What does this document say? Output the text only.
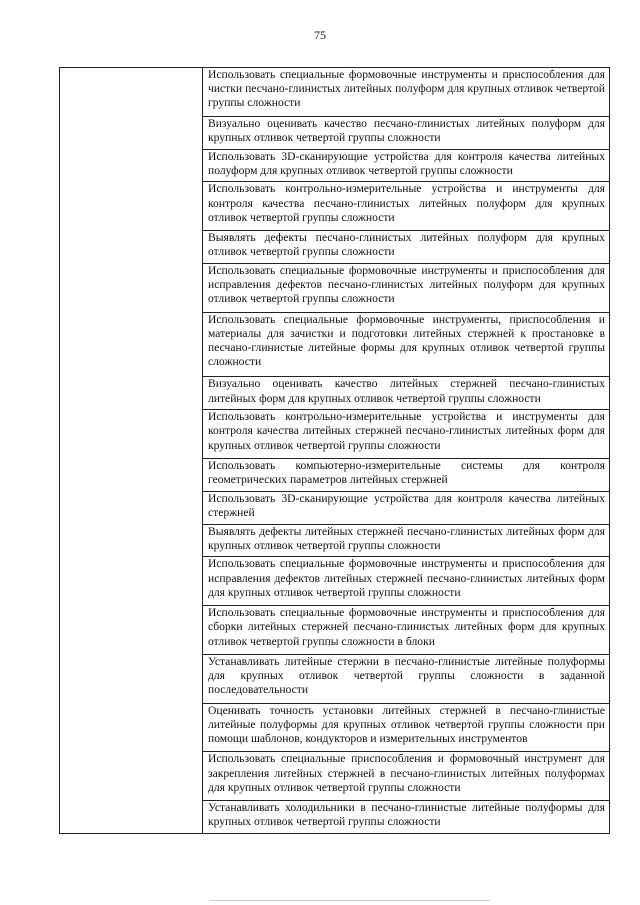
75

Использовать специальные формовочные инструменты и приспособления для чистки песчано-глинистых литейных полуформ для крупных отливок четвертой группы сложности
Визуально оценивать качество песчано-глинистых литейных полуформ для крупных отливок четвертой группы сложности
Использовать 3D-сканирующие устройства для контроля качества литейных полуформ для крупных отливок четвертой группы сложности
Использовать контрольно-измерительные устройства и инструменты для контроля качества песчано-глинистых литейных полуформ для крупных отливок четвертой группы сложности
Выявлять дефекты песчано-глинистых литейных полуформ для крупных отливок четвертой группы сложности
Использовать специальные формовочные инструменты и приспособления для исправления дефектов песчано-глинистых литейных полуформ для крупных отливок четвертой группы сложности
Использовать специальные формовочные инструменты, приспособления и материалы для зачистки и подготовки литейных стержней к простановке в песчано-глинистые литейные формы для крупных отливок четвертой группы сложности
Визуально оценивать качество литейных стержней песчано-глинистых литейных форм для крупных отливок четвертой группы сложности
Использовать контрольно-измерительные устройства и инструменты для контроля качества литейных стержней песчано-глинистых литейных форм для крупных отливок четвертой группы сложности
Использовать компьютерно-измерительные системы для контроля геометрических параметров литейных стержней
Использовать 3D-сканирующие устройства для контроля качества литейных стержней
Выявлять дефекты литейных стержней песчано-глинистых литейных форм для крупных отливок четвертой группы сложности
Использовать специальные формовочные инструменты и приспособления для исправления дефектов литейных стержней песчано-глинистых литейных форм для крупных отливок четвертой группы сложности
Использовать специальные формовочные инструменты и приспособления для сборки литейных стержней песчано-глинистых литейных форм для крупных отливок четвертой группы сложности в блоки
Устанавливать литейные стержни в песчано-глинистые литейные полуформы для крупных отливок четвертой группы сложности в заданной последовательности
Оценивать точность установки литейных стержней в песчано-глинистые литейные полуформы для крупных отливок четвертой группы сложности при помощи шаблонов, кондукторов и измерительных инструментов
Использовать специальные приспособления и формовочный инструмент для закрепления литейных стержней в песчано-глинистых литейных полуформах для крупных отливок четвертой группы сложности
Устанавливать холодильники в песчано-глинистые литейные полуформы для крупных отливок четвертой группы сложности
